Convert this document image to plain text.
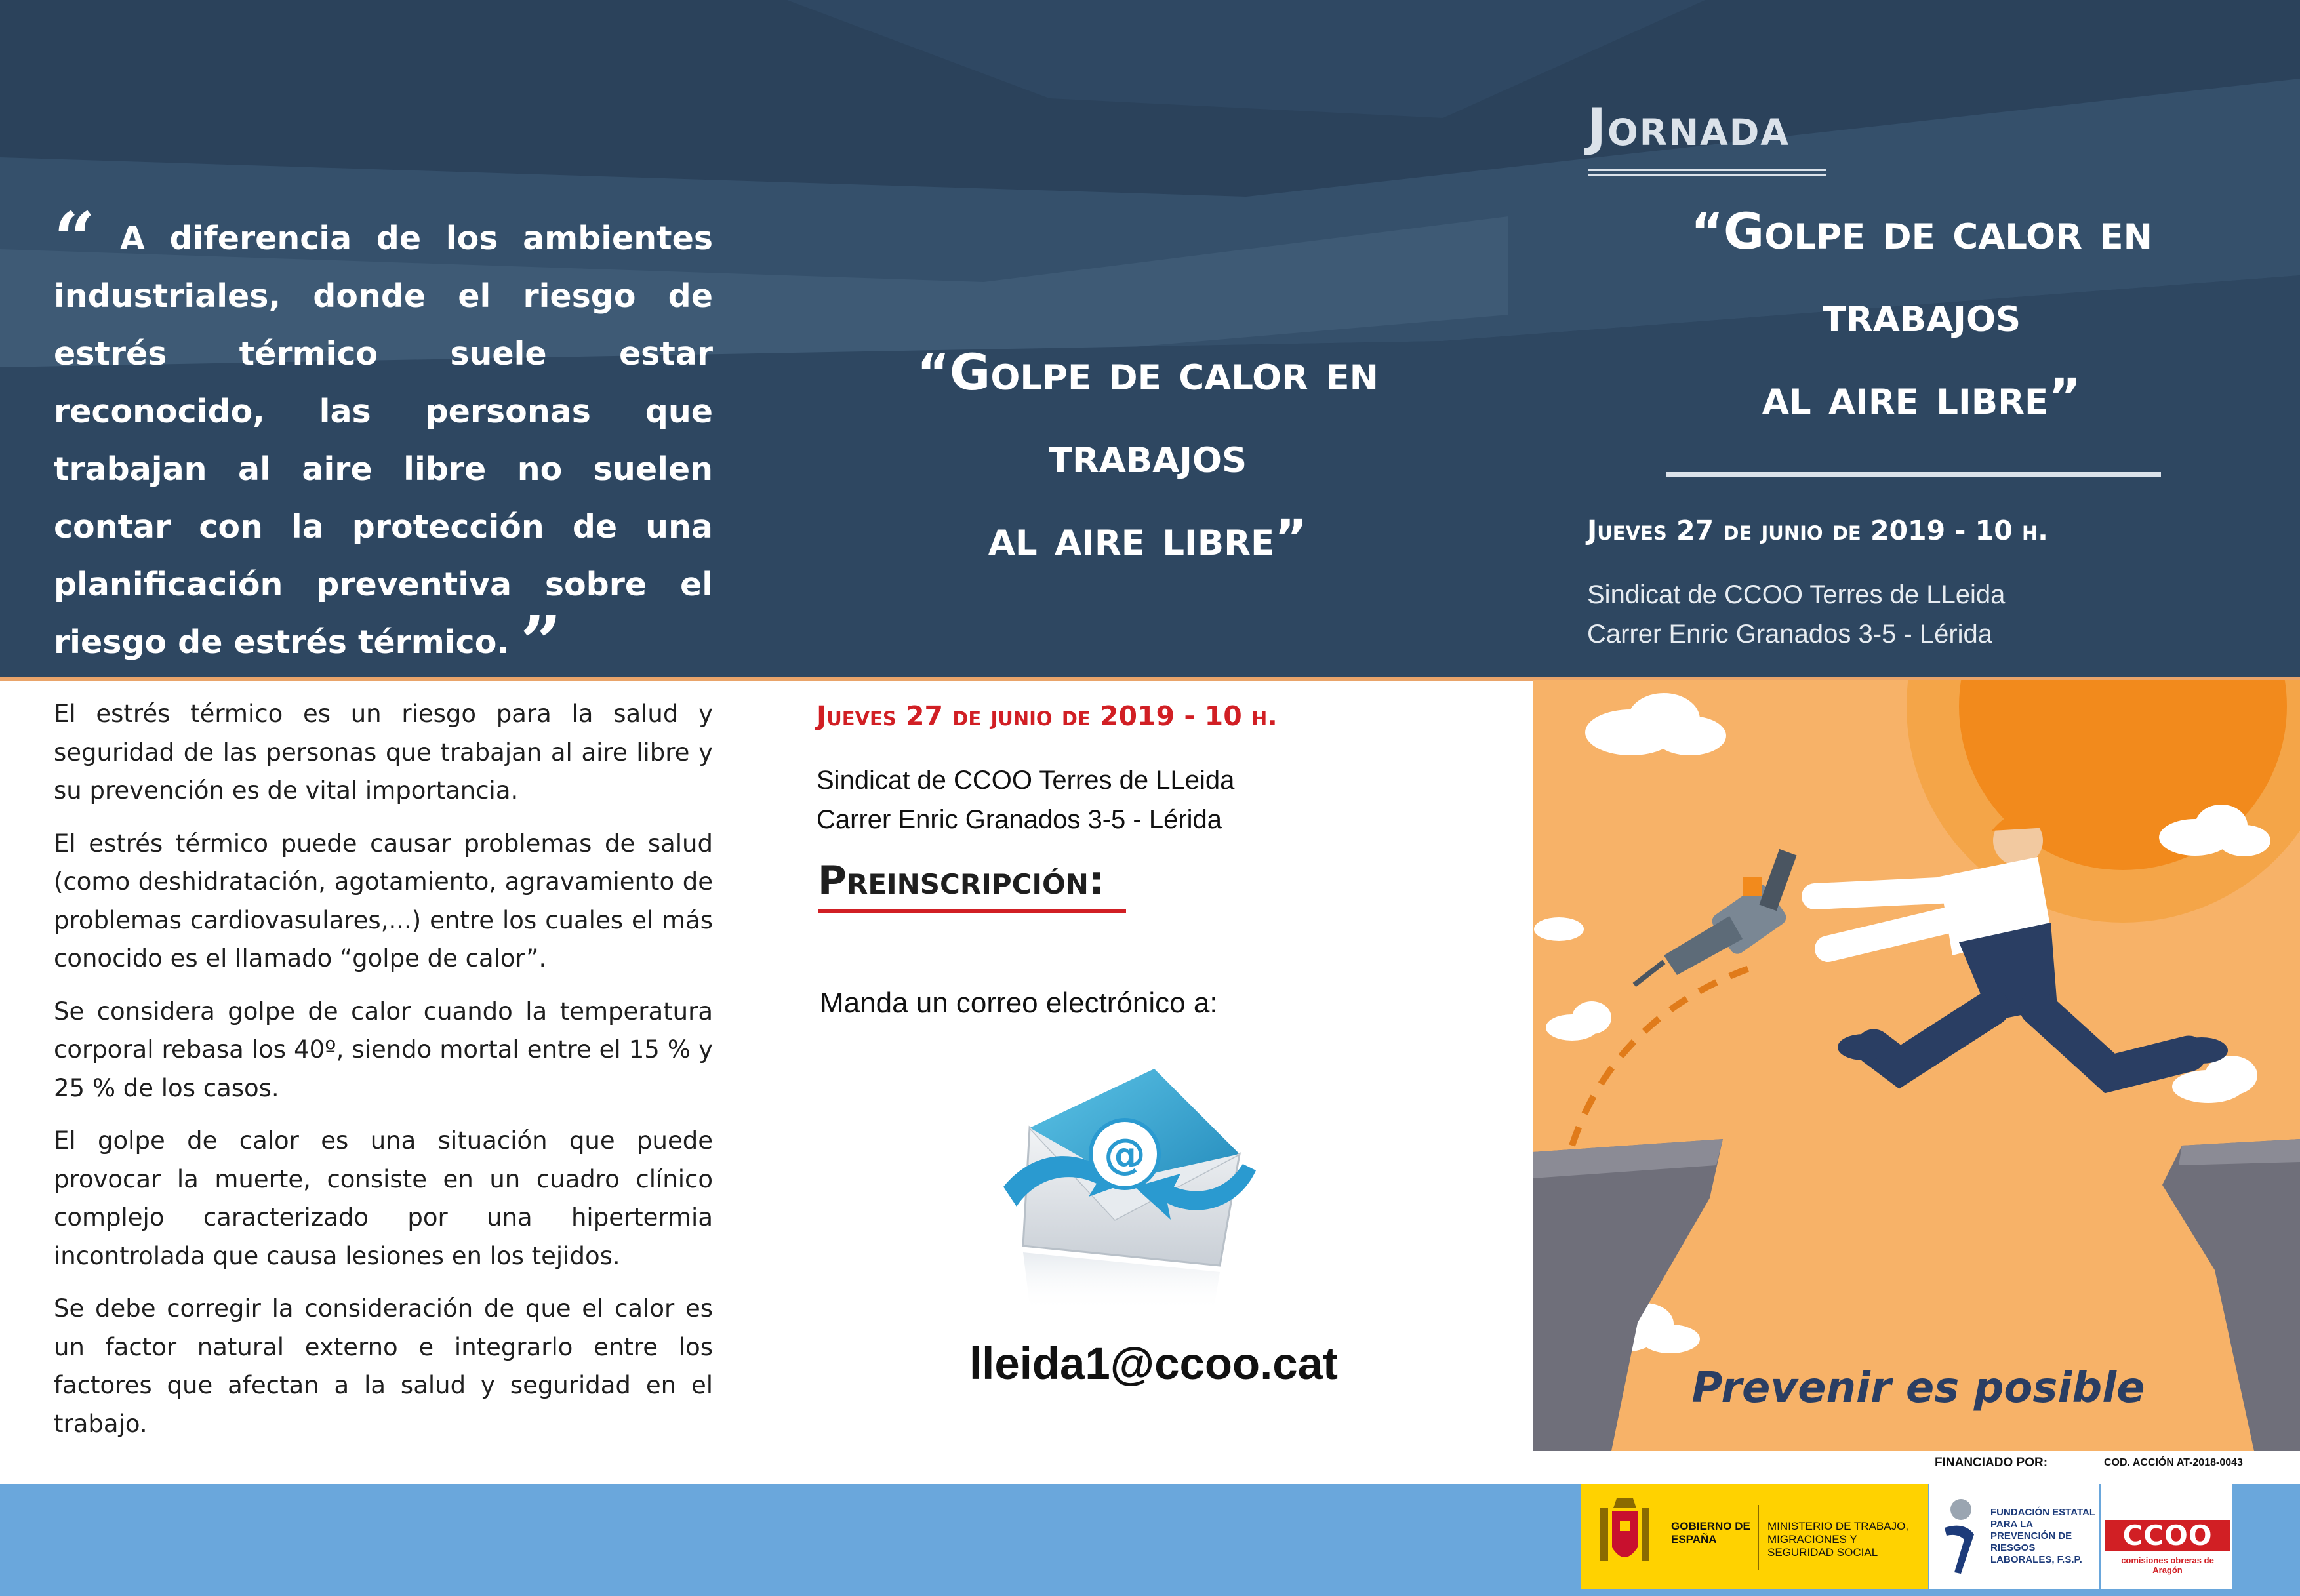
“ A diferencia de los ambientes industriales, donde el riesgo de estrés térmico suele estar reconocido, las personas que trabajan al aire libre no suelen contar con la protección de una planificación preventiva sobre el riesgo de estrés térmico. ”
“Golpe de calor en
trabajos
al aire libre”
Jornada
“Golpe de calor en
trabajos
al aire libre”
Jueves 27 de junio de 2019 - 10 h.
Sindicat de CCOO Terres de LLeida
Carrer Enric Granados 3-5 - Lérida

El estrés térmico es un riesgo para la salud y seguridad de las personas que trabajan al aire libre y su prevención es de vital importancia.

El estrés térmico puede causar problemas de salud (como deshidratación, agotamiento, agravamiento de problemas cardiovasulares,...) entre los cuales el más conocido es el llamado “golpe de calor”.

Se considera golpe de calor cuando la temperatura corporal rebasa los 40º, siendo mortal entre el 15 % y 25 % de los casos.

El golpe de calor es una situación que puede provocar la muerte, consiste en un cuadro clínico complejo caracterizado por una hipertermia incontrolada que causa lesiones en los tejidos.

Se debe corregir la consideración de que el calor es un factor natural externo e integrarlo entre los factores que afectan a la salud y seguridad en el trabajo.

Jueves 27 de junio de 2019 - 10 h.
Sindicat de CCOO Terres de LLeida
Carrer Enric Granados 3-5 - Lérida
Preinscripción:
Manda un correo electrónico a:
@
lleida1@ccoo.cat	Prevenir es posible
FINANCIADO POR:	COD. ACCIÓN AT-2018-0043
GOBIERNO DE ESPAÑA
MINISTERIO DE TRABAJO, MIGRACIONES Y SEGURIDAD SOCIAL
FUNDACIÓN ESTATAL PARA LA PREVENCIÓN DE RIESGOS LABORALES, F.S.P.
CCOO
comisiones obreras de Aragón
